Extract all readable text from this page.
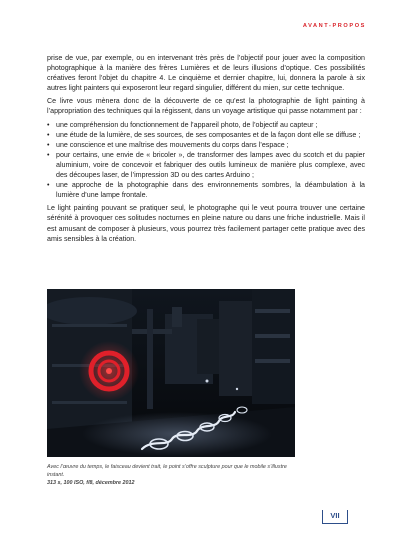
AVANT-PROPOS

prise de vue, par exemple, ou en intervenant très près de l’objectif pour jouer avec la composition photographique à la manière des frères Lumières et de leurs illusions d’optique. Ces possibilités créatives feront l’objet du chapitre 4. Le cinquième et dernier chapitre, lui, donnera la parole à six autres light painters qui exposeront leur regard singulier, différent du mien, sur cette technique.

Ce livre vous mènera donc de la découverte de ce qu’est la photographie de light painting à l’appropriation des techniques qui la régissent, dans un voyage artistique qui passe notamment par :

• une compréhension du fonctionnement de l’appareil photo, de l’objectif au capteur ;
• une étude de la lumière, de ses sources, de ses composantes et de la façon dont elle se diffuse ;
• une conscience et une maîtrise des mouvements du corps dans l’espace ;
• pour certains, une envie de « bricoler », de transformer des lampes avec du scotch et du papier aluminium, voire de concevoir et fabriquer des outils lumineux de manière plus complexe, avec des découpes laser, de l’impression 3D ou des cartes Arduino ;
• une approche de la photographie dans des environnements sombres, la déambulation à la lumière d’une lampe frontale.

Le light painting pouvant se pratiquer seul, le photographe qui le veut pourra trouver une certaine sérénité à provoquer ces solitudes nocturnes en pleine nature ou dans une friche industrielle. Mais il est amusant de composer à plusieurs, vous pourrez très facilement partager cette pratique avec des amis sensibles à la création.

Avec l’œuvre du temps, le faisceau devient trait, le point s’offre sculpture pour que le mobile s’illustre instant.
313 s, 100 ISO, f/8, décembre 2012
VII
